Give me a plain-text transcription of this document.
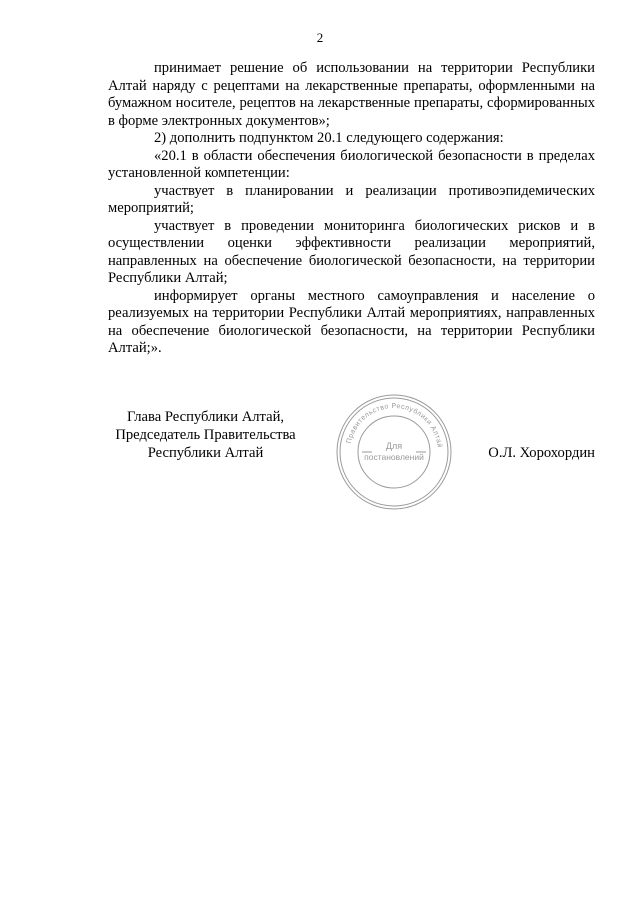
2

принимает решение об использовании на территории Республики Алтай наряду с рецептами на лекарственные препараты, оформленными на бумажном носителе, рецептов на лекарственные препараты, сформированных в форме электронных документов»;

2) дополнить подпунктом 20.1 следующего содержания:

«20.1 в области обеспечения биологической безопасности в пределах установленной компетенции:

участвует в планировании и реализации противоэпидемических мероприятий;

участвует в проведении мониторинга биологических рисков и в осуществлении оценки эффективности реализации мероприятий, направленных на обеспечение биологической безопасности, на территории Республики Алтай;

информирует органы местного самоуправления и население о реализуемых на территории Республики Алтай мероприятиях, направленных на обеспечение биологической безопасности, на территории Республики Алтай;».

Глава Республики Алтай,
Председатель Правительства
Республики Алтай
Правительство Республики Алтай
Для
постановлений	О.Л. Хорохордин
